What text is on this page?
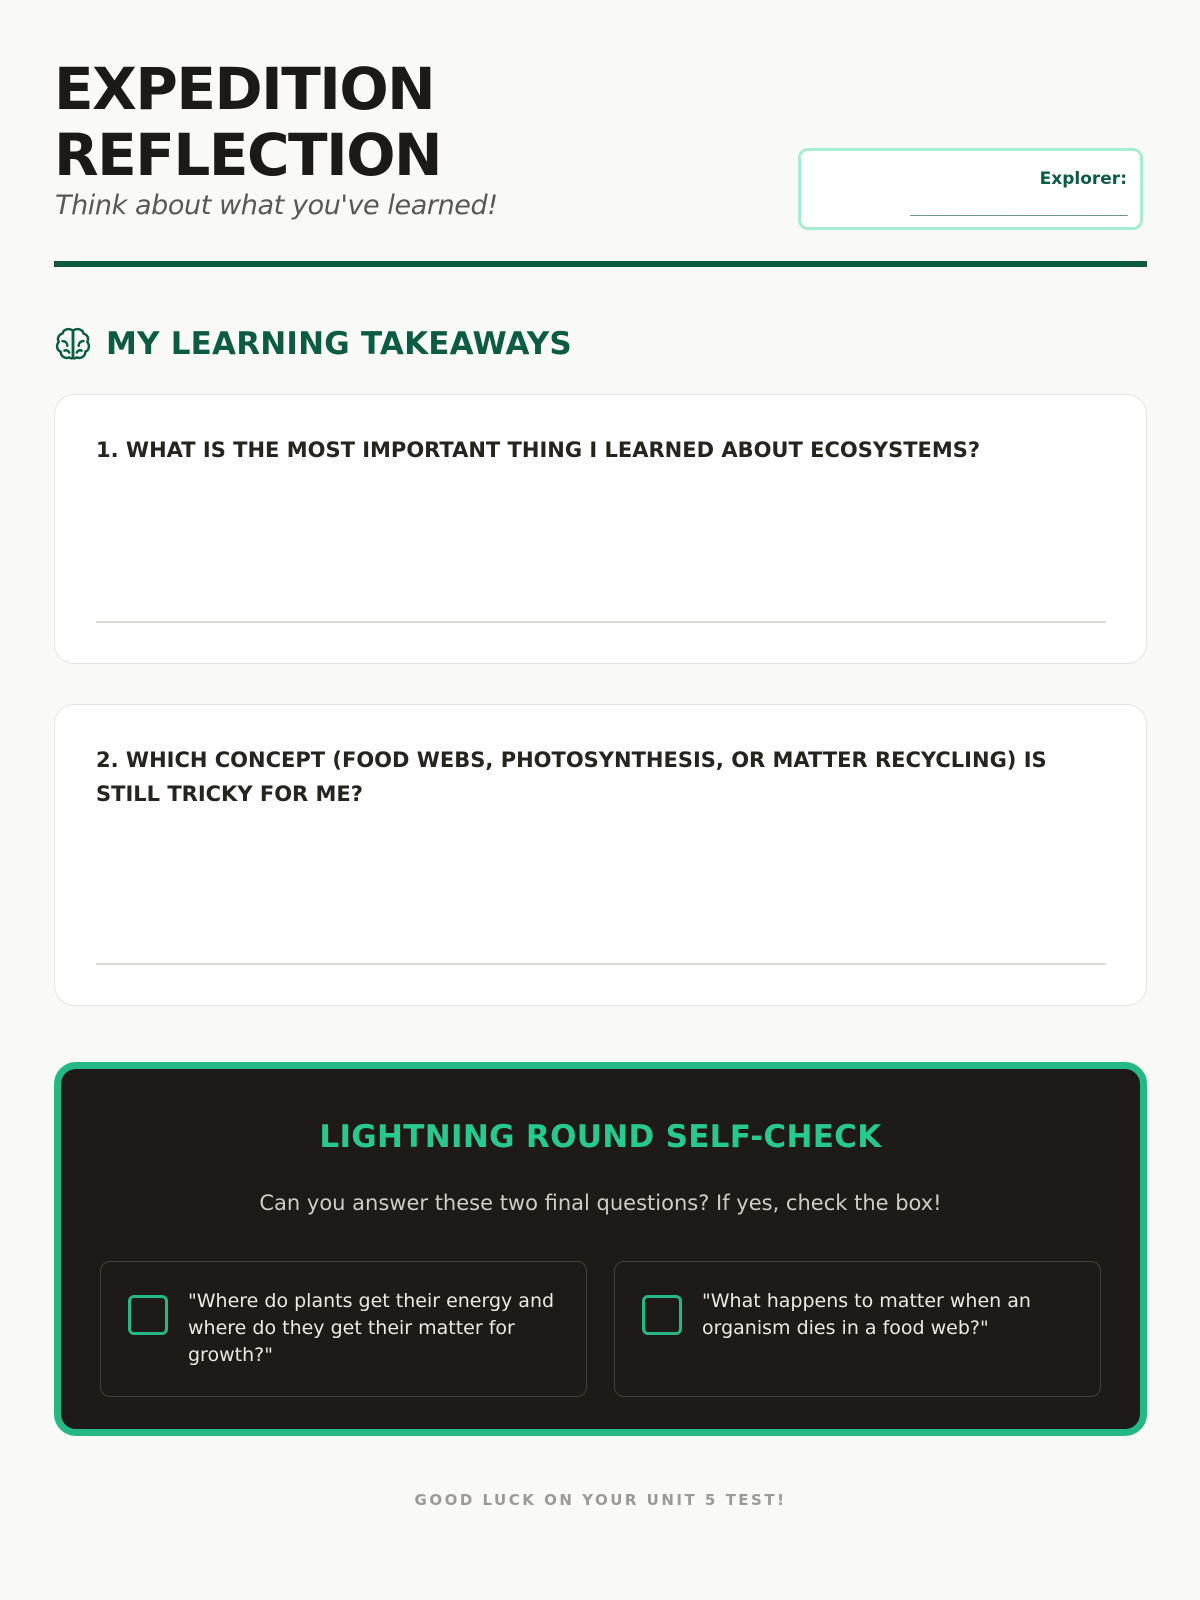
EXPEDITION
REFLECTION
Think about what you've learned!
Explorer:
________________________
MY LEARNING TAKEAWAYS
1. WHAT IS THE MOST IMPORTANT THING I LEARNED ABOUT ECOSYSTEMS?
2. WHICH CONCEPT (FOOD WEBS, PHOTOSYNTHESIS, OR MATTER RECYCLING) IS STILL TRICKY FOR ME?
LIGHTNING ROUND SELF-CHECK
Can you answer these two final questions? If yes, check the box!
"Where do plants get their energy and where do they get their matter for growth?"
"What happens to matter when an organism dies in a food web?"
GOOD LUCK ON YOUR UNIT 5 TEST!
